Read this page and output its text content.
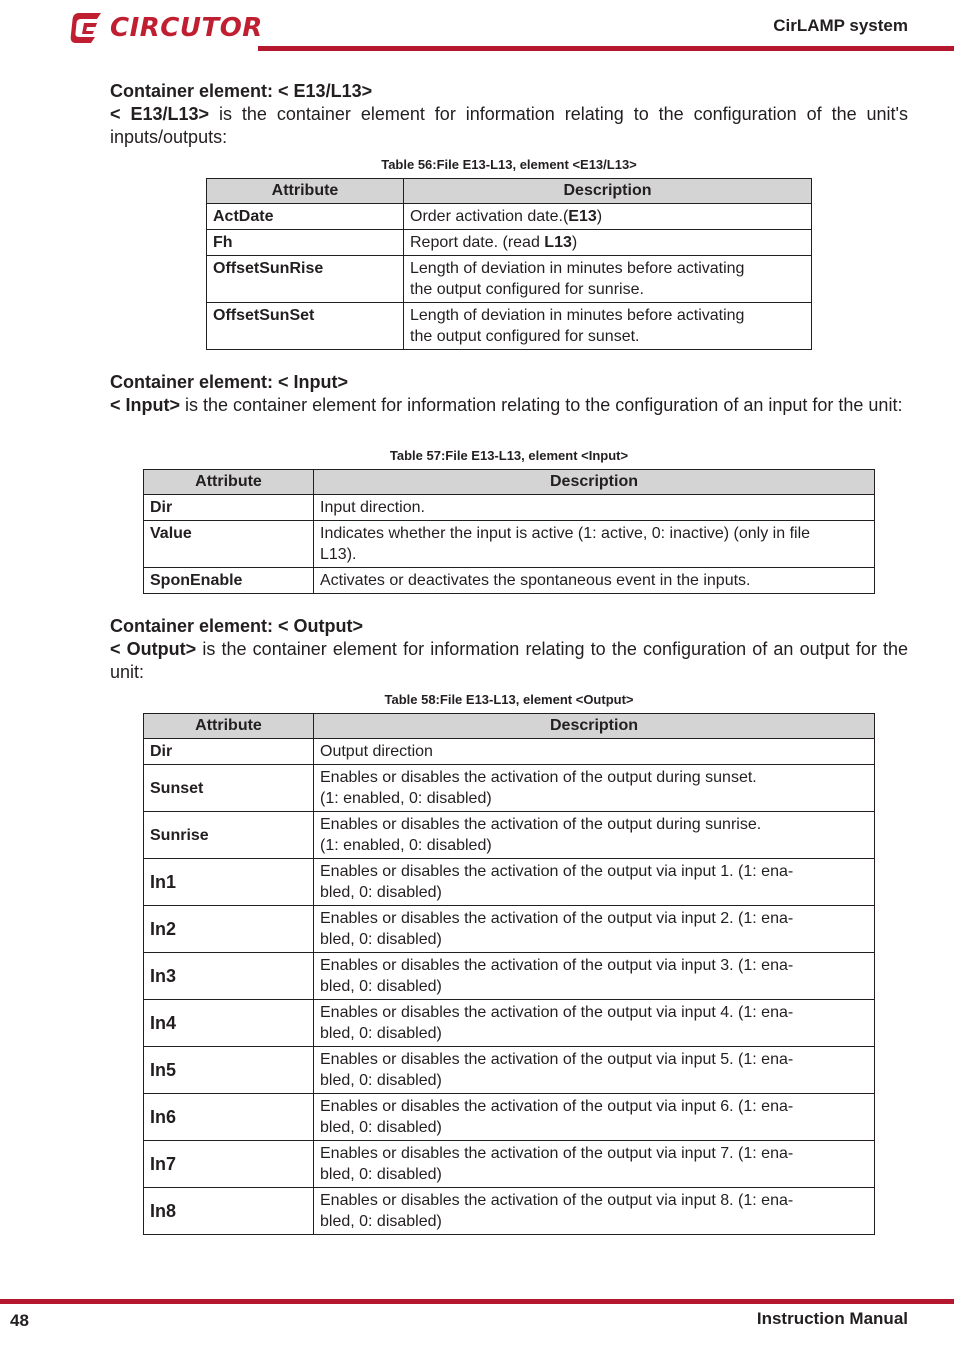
CIRCUTOR	CirLAMP system
Container element: < E13/L13>
< E13/L13> is the container element for information relating to the configuration of the unit's inputs/outputs:
Table 56:File E13-L13, element <E13/L13>
Attribute	Description
ActDate	Order activation date.(E13)
Fh	Report date. (read L13)
OffsetSunRise	Length of deviation in minutes before activating
the output configured for sunrise.
OffsetSunSet	Length of deviation in minutes before activating
the output configured for sunset.
Container element: < Input>
< Input> is the container element for information relating to the configuration of an input for the unit:
Table 57:File E13-L13, element <Input>
Attribute	Description
Dir	Input direction.
Value	Indicates whether the input is active (1: active, 0: inactive) (only in file
L13).
SponEnable	Activates or deactivates the spontaneous event in the inputs.
Container element: < Output>
< Output> is the container element for information relating to the configuration of an output for the unit:
Table 58:File E13-L13, element <Output>
Attribute	Description
Dir	Output direction
Sunset	Enables or disables the activation of the output during sunset.
(1: enabled, 0: disabled)
Sunrise	Enables or disables the activation of the output during sunrise.
(1: enabled, 0: disabled)
In1	Enables or disables the activation of the output via input 1. (1: ena-
bled, 0: disabled)
In2	Enables or disables the activation of the output via input 2. (1: ena-
bled, 0: disabled)
In3	Enables or disables the activation of the output via input 3. (1: ena-
bled, 0: disabled)
In4	Enables or disables the activation of the output via input 4. (1: ena-
bled, 0: disabled)
In5	Enables or disables the activation of the output via input 5. (1: ena-
bled, 0: disabled)
In6	Enables or disables the activation of the output via input 6. (1: ena-
bled, 0: disabled)
In7	Enables or disables the activation of the output via input 7. (1: ena-
bled, 0: disabled)
In8	Enables or disables the activation of the output via input 8. (1: ena-
bled, 0: disabled)
48	Instruction Manual
